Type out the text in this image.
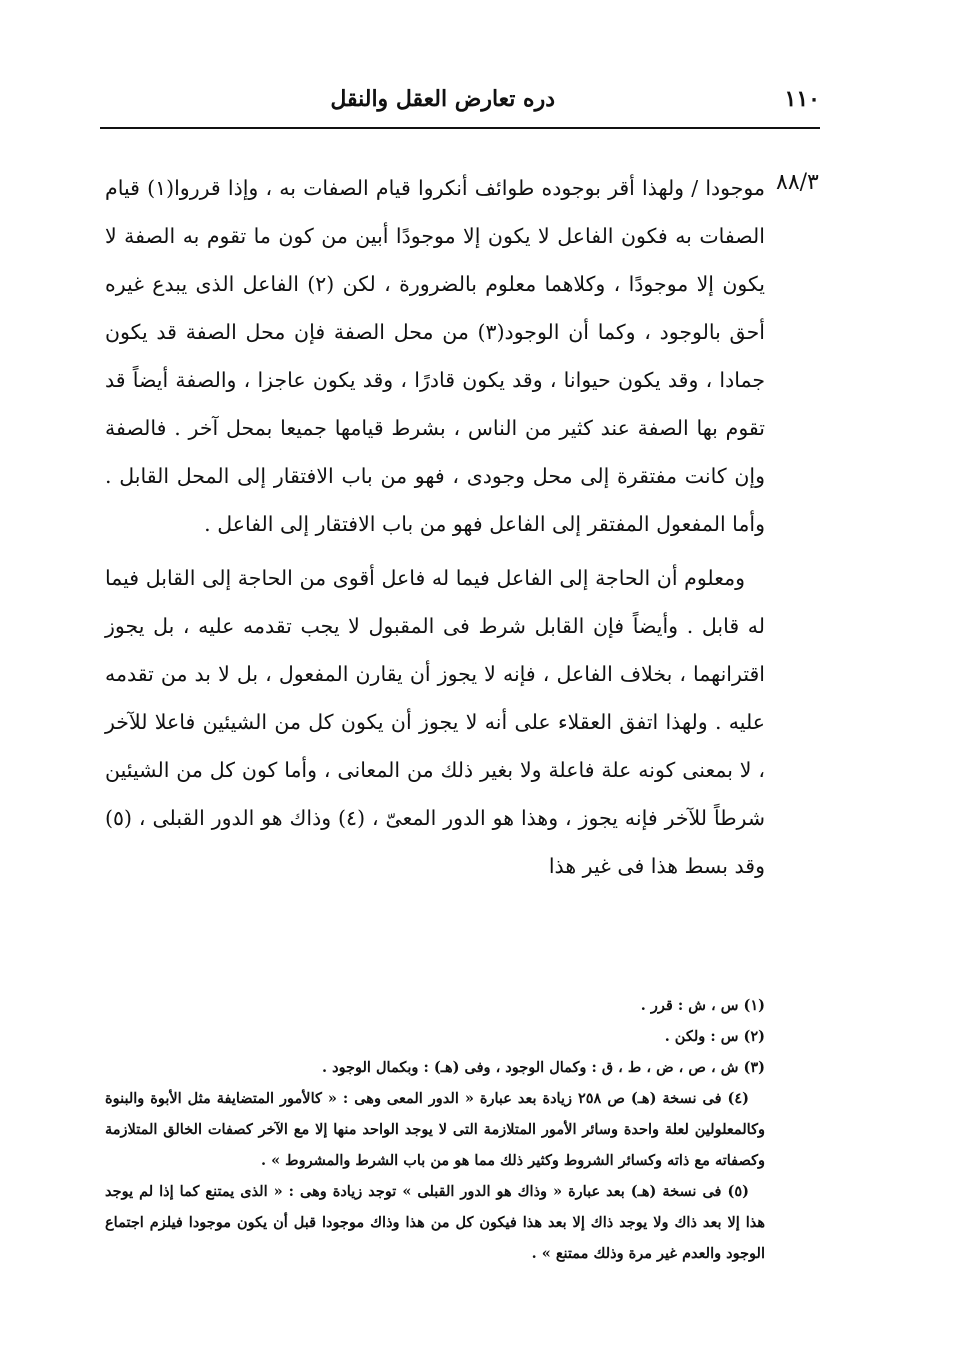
١١٠
دره تعارض العقل والنقل
٨٨/٣

موجودا / ولهذا أقر بوجوده طوائف أنكروا قيام الصفات به ، وإذا قرروا(١) قيام الصفات به فكون الفاعل لا يكون إلا موجودًا أبين من كون ما تقوم به الصفة لا يكون إلا موجودًا ، وكلاهما معلوم بالضرورة ، لكن (٢) الفاعل الذى يبدع غيره أحق بالوجود ، وكما أن الوجود(٣) من محل الصفة فإن محل الصفة قد يكون جمادا ، وقد يكون حيوانا ، وقد يكون قادرًا ، وقد يكون عاجزا ، والصفة أيضاً قد تقوم بها الصفة عند كثير من الناس ، بشرط قيامها جميعا بمحل آخر . فالصفة وإن كانت مفتقرة إلى محل وجودى ، فهو من باب الافتقار إلى المحل القابل . وأما المفعول المفتقر إلى الفاعل فهو من باب الافتقار إلى الفاعل .

ومعلوم أن الحاجة إلى الفاعل فيما له فاعل أقوى من الحاجة إلى القابل فيما له قابل . وأيضاً فإن القابل شرط فى المقبول لا يجب تقدمه عليه ، بل يجوز اقترانهما ، بخلاف الفاعل ، فإنه لا يجوز أن يقارن المفعول ، بل لا بد من تقدمه عليه . ولهذا اتفق العقلاء على أنه لا يجوز أن يكون كل من الشيئين فاعلا للآخر ، لا بمعنى كونه علة فاعلة ولا بغير ذلك من المعانى ، وأما كون كل من الشيئين شرطاً للآخر فإنه يجوز ، وهذا هو الدور المعىّ ، (٤) وذاك هو الدور القبلى ، (٥) وقد بسط هذا فى غير هذا

(١) س ، ش : قرر .

(٢) س : ولكن .

(٣) ش ، ص ، ض ، ط ، ق : وكمال الوجود ، وفى (هـ) : وبكمال الوجود .

(٤) فى نسخة (هـ) ص ٢٥٨ زيادة بعد عبارة « الدور المعى وهى : « كالأمور المتضايفة مثل الأبوة والبنوة وكالمعلولين لعلة واحدة وسائر الأمور المتلازمة التى لا يوجد الواحد منها إلا مع الآخر كصفات الخالق المتلازمة وكصفاته مع ذاته وكسائر الشروط وكثير ذلك مما هو من باب الشرط والمشروط » .

(٥) فى نسخة (هـ) بعد عبارة « وذاك هو الدور القبلى » توجد زيادة وهى : « الذى يمتنع كما إذا لم يوجد هذا إلا بعد ذاك ولا يوجد ذاك إلا بعد هذا فيكون كل من هذا وذاك موجودا قبل أن يكون موجودا فيلزم اجتماع الوجود والعدم غير مرة وذلك ممتنع » .
